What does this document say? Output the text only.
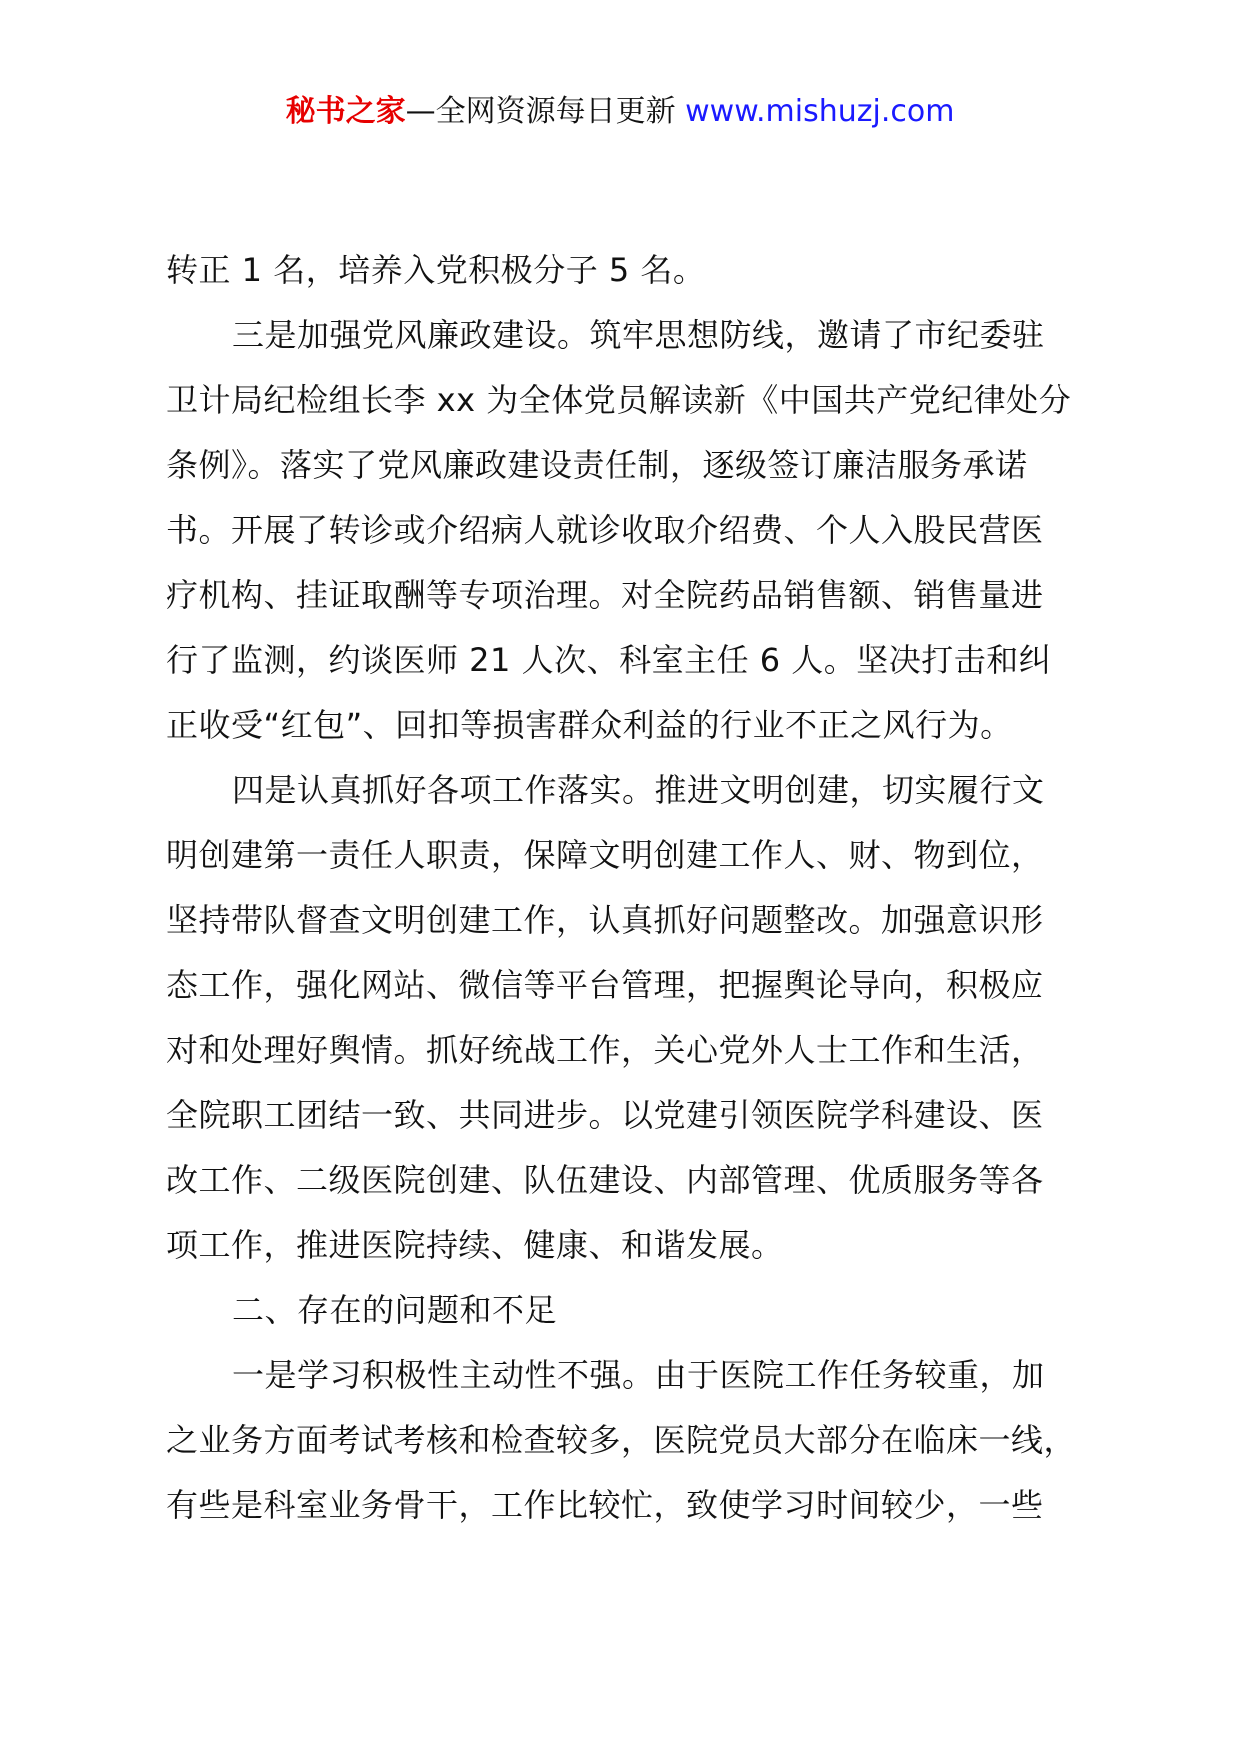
秘书之家—全网资源每日更新 www.mishuzj.com
转正 1 名，培养入党积极分子 5 名。
三是加强党风廉政建设。筑牢思想防线，邀请了市纪委驻
卫计局纪检组长李 xx 为全体党员解读新《中国共产党纪律处分
条例》。落实了党风廉政建设责任制，逐级签订廉洁服务承诺
书。开展了转诊或介绍病人就诊收取介绍费、个人入股民营医
疗机构、挂证取酬等专项治理。对全院药品销售额、销售量进
行了监测，约谈医师 21 人次、科室主任 6 人。坚决打击和纠
正收受“红包”、回扣等损害群众利益的行业不正之风行为。
四是认真抓好各项工作落实。推进文明创建，切实履行文
明创建第一责任人职责，保障文明创建工作人、财、物到位，
坚持带队督查文明创建工作，认真抓好问题整改。加强意识形
态工作，强化网站、微信等平台管理，把握舆论导向，积极应
对和处理好舆情。抓好统战工作，关心党外人士工作和生活，
全院职工团结一致、共同进步。以党建引领医院学科建设、医
改工作、二级医院创建、队伍建设、内部管理、优质服务等各
项工作，推进医院持续、健康、和谐发展。
二、存在的问题和不足
一是学习积极性主动性不强。由于医院工作任务较重，加
之业务方面考试考核和检查较多，医院党员大部分在临床一线，
有些是科室业务骨干，工作比较忙，致使学习时间较少，一些
